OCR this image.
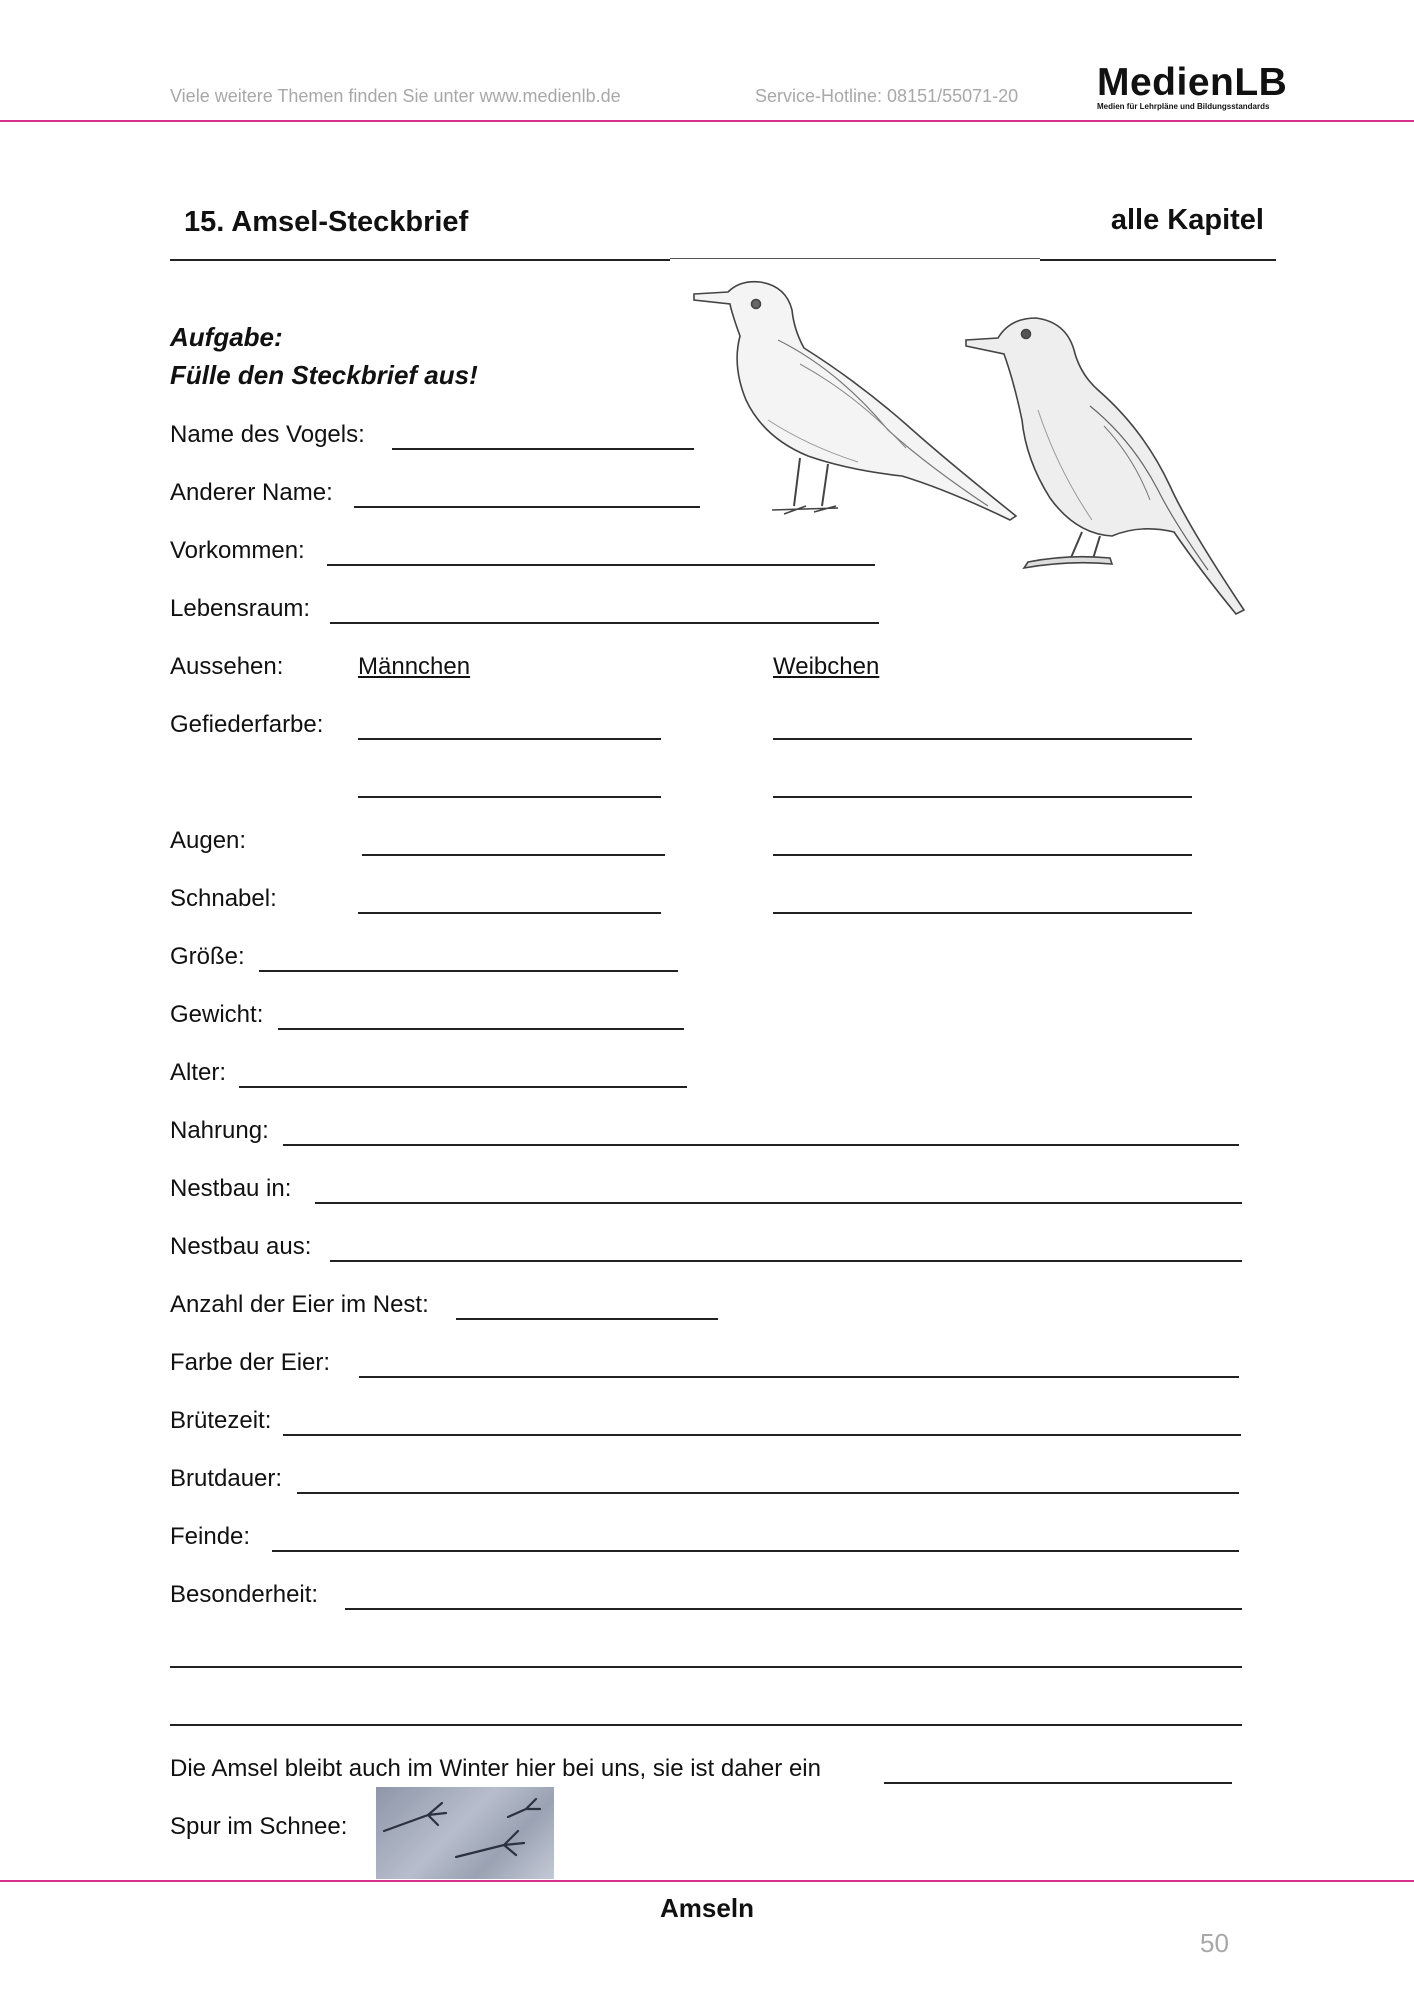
Viele weitere Themen finden Sie unter www.medienlb.de	Service-Hotline: 08151/55071-20 MedienLB
Medien für Lehrpläne und Bildungsstandards
15. Amsel-Steckbrief	alle Kapitel
Aufgabe:
Fülle den Steckbrief aus!
Name des Vogels:
Anderer Name:
Vorkommen:
Lebensraum:
Aussehen:	Männchen	Weibchen
Gefiederfarbe:
Augen:
Schnabel:
Größe:
Gewicht:
Alter:
Nahrung:
Nestbau in:
Nestbau aus:
Anzahl der Eier im Nest:
Farbe der Eier:
Brütezeit:
Brutdauer:
Feinde:
Besonderheit:
Die Amsel bleibt auch im Winter hier bei uns, sie ist daher ein
Spur im Schnee:
Amseln
50
